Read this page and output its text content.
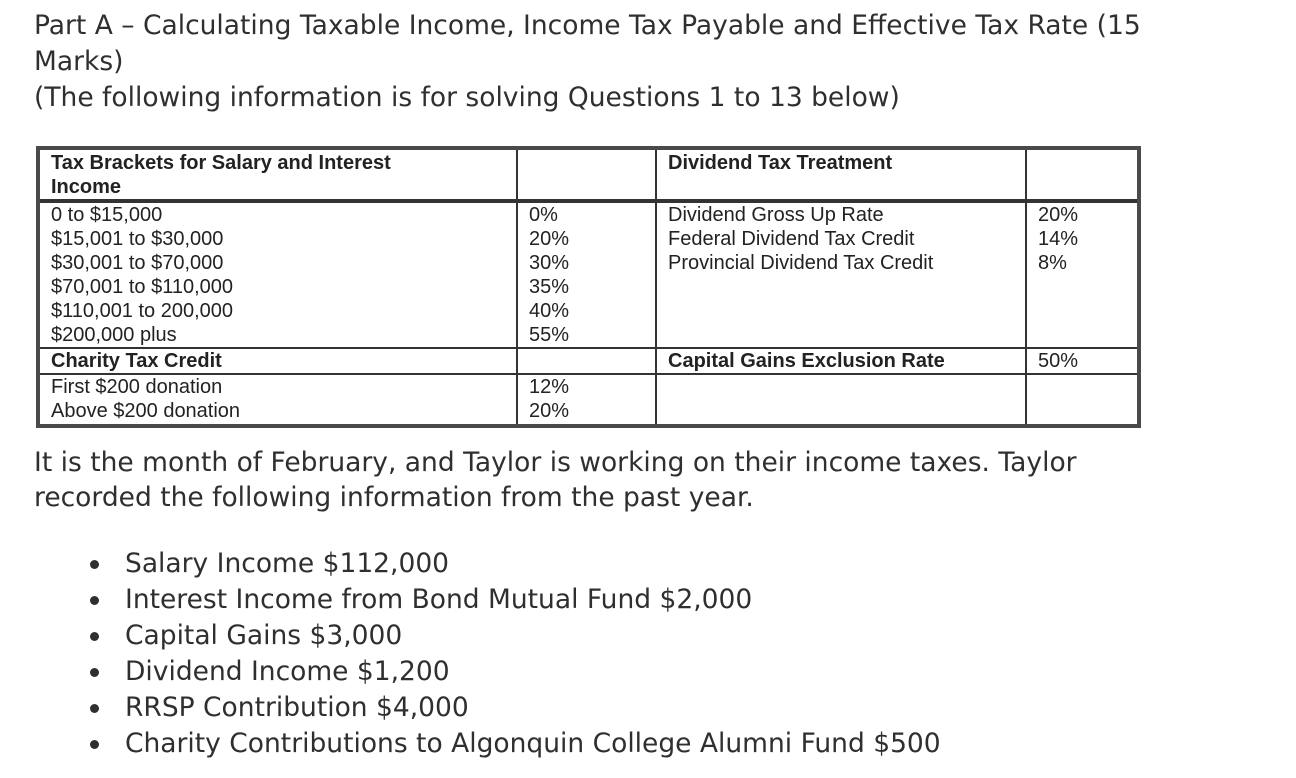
Part A – Calculating Taxable Income, Income Tax Payable and Effective Tax Rate (15
Marks)
(The following information is for solving Questions 1 to 13 below)
Tax Brackets for Salary and Interest
Income
Dividend Tax Treatment
0 to $15,000
$15,001 to $30,000
$30,001 to $70,000
$70,001 to $110,000
$110,001 to 200,000
$200,000 plus
0%
20%
30%
35%
40%
55%
Dividend Gross Up Rate
Federal Dividend Tax Credit
Provincial Dividend Tax Credit
20%
14%
8%
Charity Tax Credit	Capital Gains Exclusion Rate	50%
First $200 donation
Above $200 donation
12%
20%
It is the month of February, and Taylor is working on their income taxes. Taylor
recorded the following information from the past year.
Salary Income $112,000
Interest Income from Bond Mutual Fund $2,000
Capital Gains $3,000
Dividend Income $1,200
RRSP Contribution $4,000
Charity Contributions to Algonquin College Alumni Fund $500
